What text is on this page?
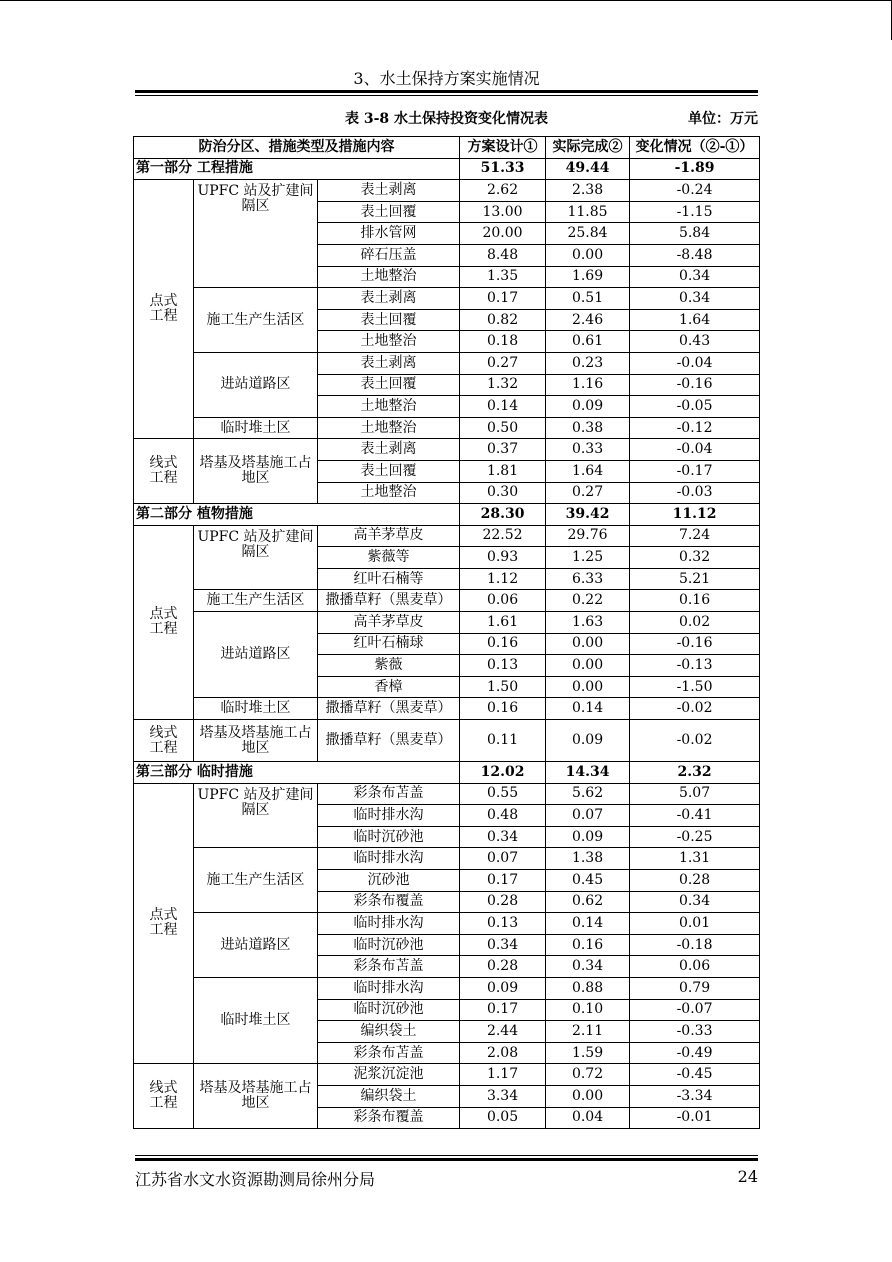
3、水土保持方案实施情况
表 3-8 水土保持投资变化情况表	单位：万元
防治分区、措施类型及措施内容			方案设计①	实际完成②	变化情况（②-①）
第一部分 工程措施			51.33	49.44	-1.89
点式
工程	UPFC 站及扩建间隔区	表土剥离	2.62	2.38	-0.24
		表土回覆	13.00	11.85	-1.15
		排水管网	20.00	25.84	5.84
		碎石压盖	8.48	0.00	-8.48
		土地整治	1.35	1.69	0.34
	施工生产生活区	表土剥离	0.17	0.51	0.34
		表土回覆	0.82	2.46	1.64
		土地整治	0.18	0.61	0.43
	进站道路区	表土剥离	0.27	0.23	-0.04
		表土回覆	1.32	1.16	-0.16
		土地整治	0.14	0.09	-0.05
	临时堆土区	土地整治	0.50	0.38	-0.12
线式
工程	塔基及塔基施工占地区	表土剥离	0.37	0.33	-0.04
		表土回覆	1.81	1.64	-0.17
		土地整治	0.30	0.27	-0.03
第二部分 植物措施			28.30	39.42	11.12
点式
工程	UPFC 站及扩建间隔区	高羊茅草皮	22.52	29.76	7.24
		紫薇等	0.93	1.25	0.32
		红叶石楠等	1.12	6.33	5.21
	施工生产生活区	撒播草籽（黑麦草）	0.06	0.22	0.16
	进站道路区	高羊茅草皮	1.61	1.63	0.02
		红叶石楠球	0.16	0.00	-0.16
		紫薇	0.13	0.00	-0.13
		香樟	1.50	0.00	-1.50
	临时堆土区	撒播草籽（黑麦草）	0.16	0.14	-0.02
线式
工程	塔基及塔基施工占地区	撒播草籽（黑麦草）	0.11	0.09	-0.02
第三部分 临时措施			12.02	14.34	2.32
点式
工程	UPFC 站及扩建间隔区	彩条布苫盖	0.55	5.62	5.07
		临时排水沟	0.48	0.07	-0.41
		临时沉砂池	0.34	0.09	-0.25
	施工生产生活区	临时排水沟	0.07	1.38	1.31
		沉砂池	0.17	0.45	0.28
		彩条布覆盖	0.28	0.62	0.34
	进站道路区	临时排水沟	0.13	0.14	0.01
		临时沉砂池	0.34	0.16	-0.18
		彩条布苫盖	0.28	0.34	0.06
	临时堆土区	临时排水沟	0.09	0.88	0.79
		临时沉砂池	0.17	0.10	-0.07
		编织袋土	2.44	2.11	-0.33
		彩条布苫盖	2.08	1.59	-0.49
线式
工程	塔基及塔基施工占地区	泥浆沉淀池	1.17	0.72	-0.45
		编织袋土	3.34	0.00	-3.34
		彩条布覆盖	0.05	0.04	-0.01
江苏省水文水资源勘测局徐州分局	24
